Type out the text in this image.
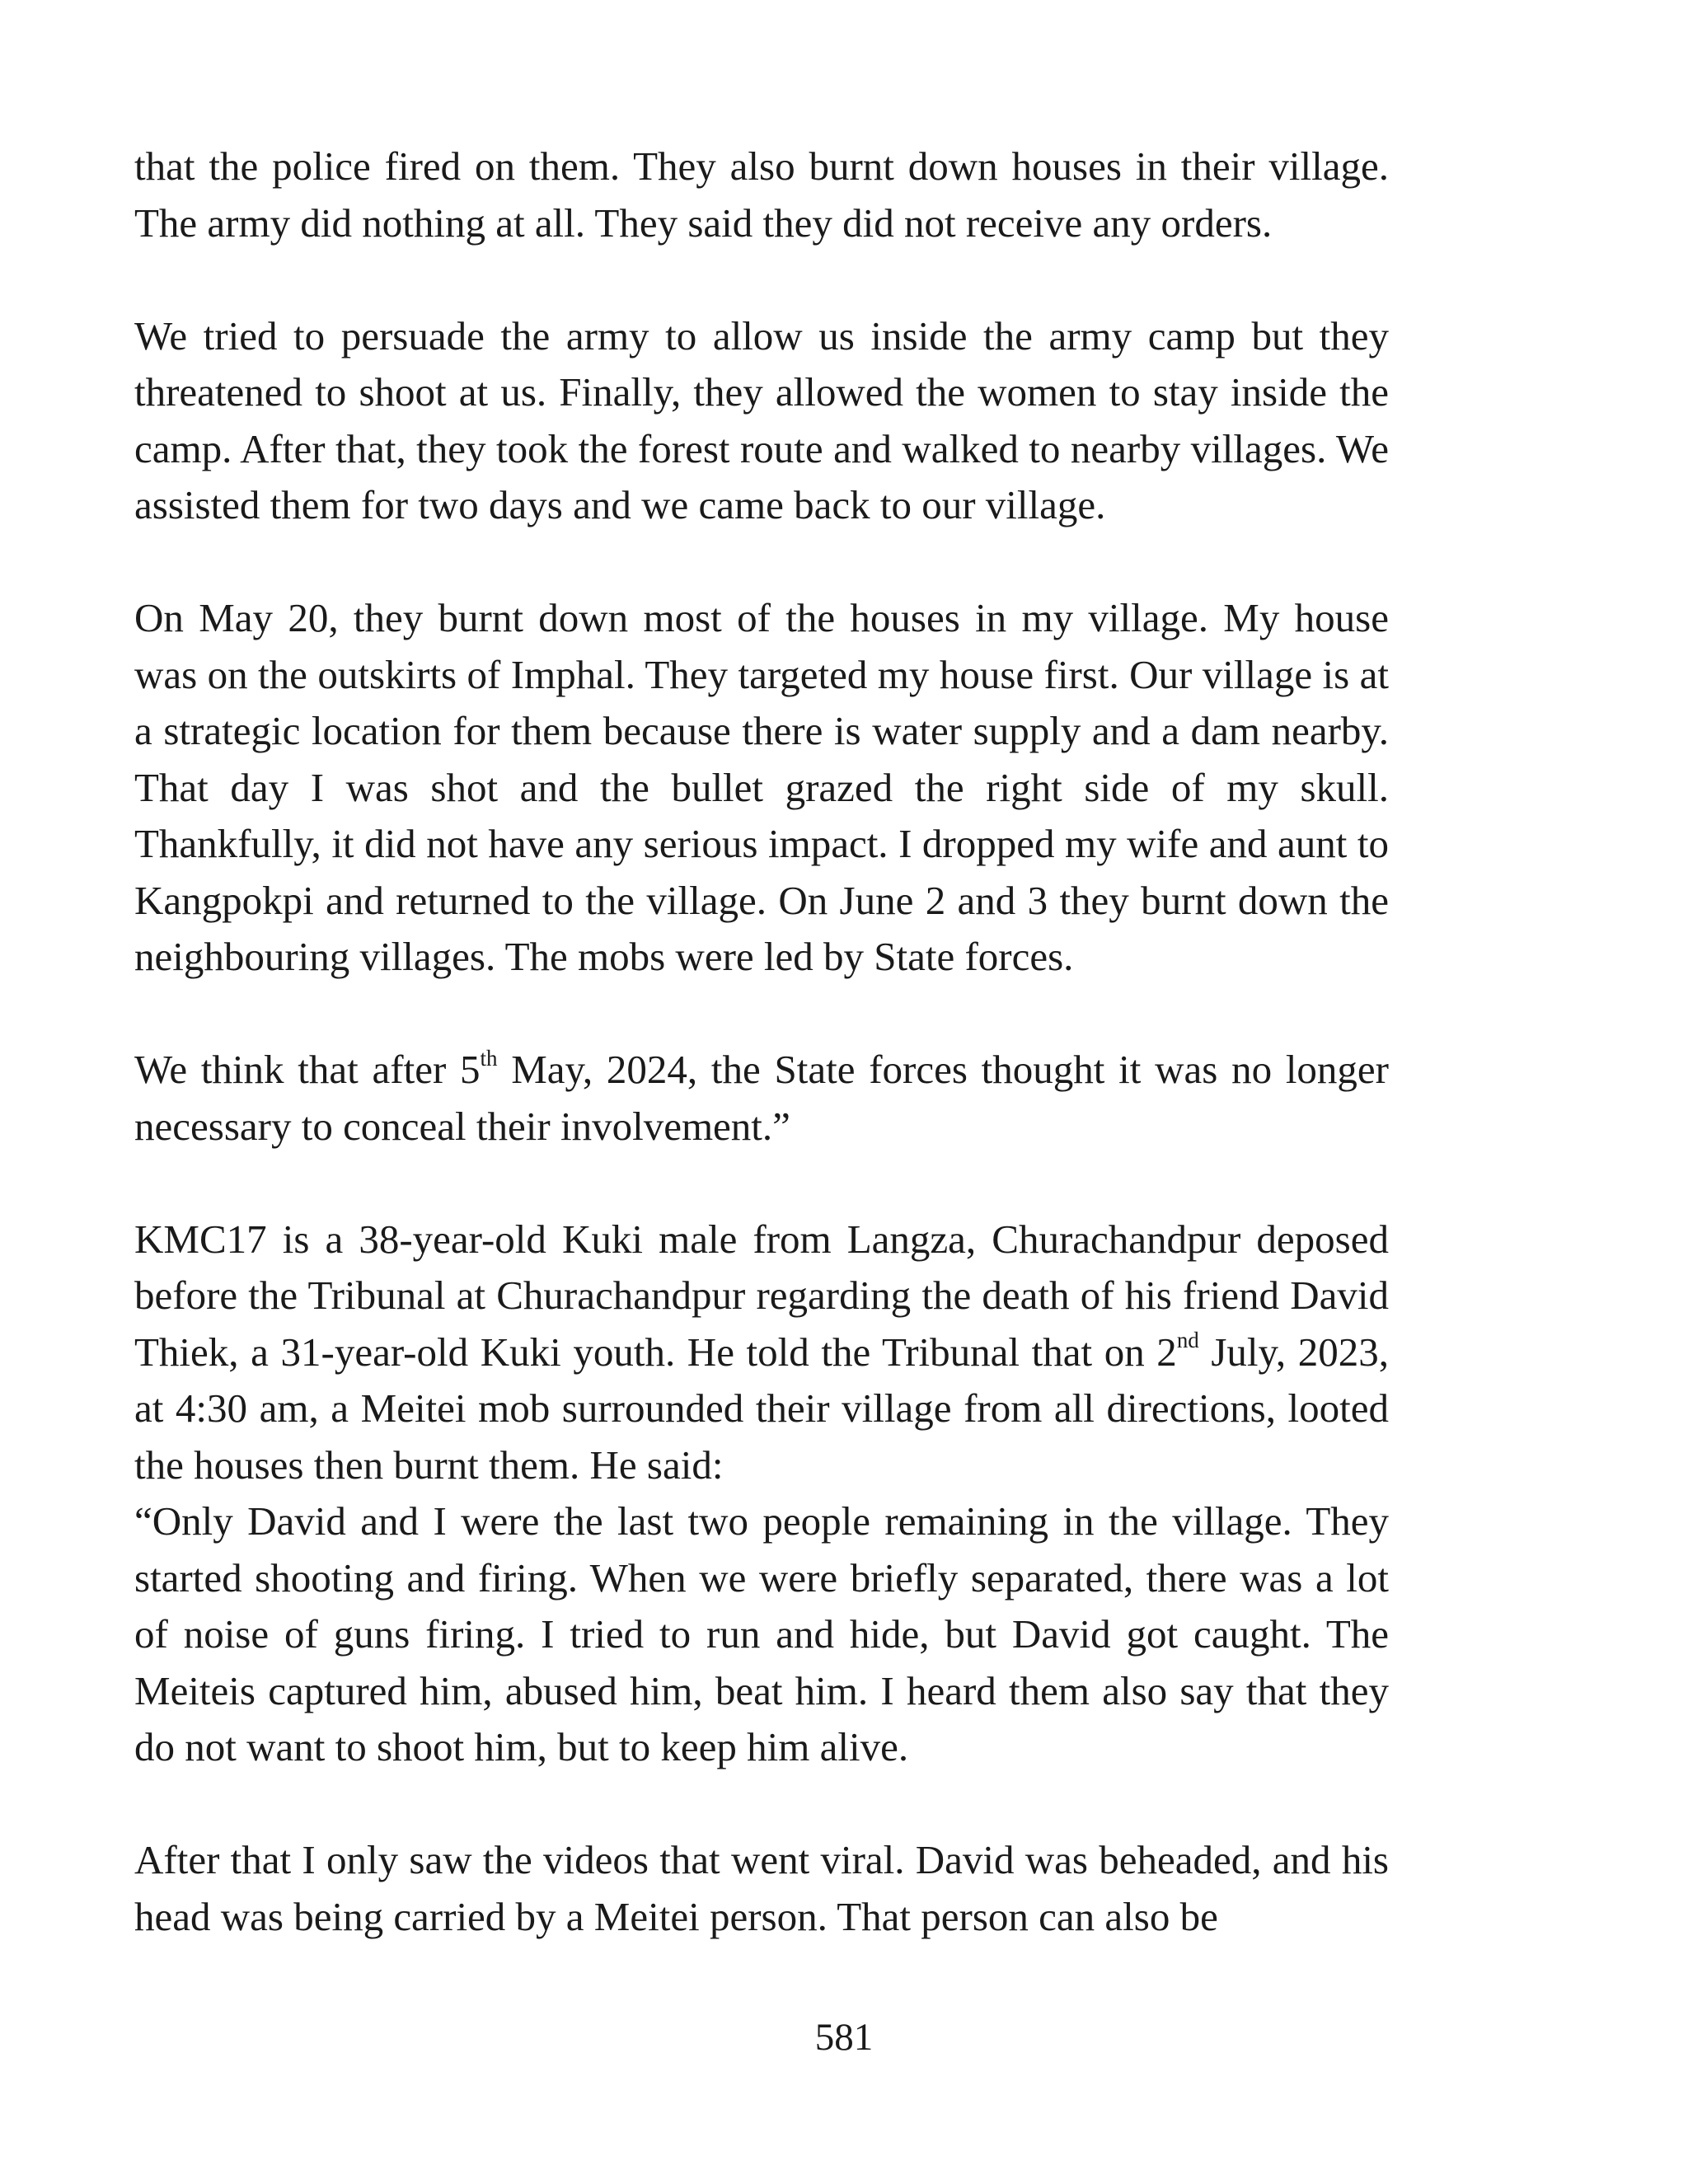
that the police fired on them. They also burnt down houses in their village. The army did nothing at all. They said they did not receive any orders.

We tried to persuade the army to allow us inside the army camp but they threatened to shoot at us. Finally, they allowed the women to stay inside the camp. After that, they took the forest route and walked to nearby villages. We assisted them for two days and we came back to our village.

On May 20, they burnt down most of the houses in my village. My house was on the outskirts of Imphal. They targeted my house first. Our village is at a strategic location for them because there is water supply and a dam nearby. That day I was shot and the bullet grazed the right side of my skull. Thankfully, it did not have any serious impact. I dropped my wife and aunt to Kangpokpi and returned to the village. On June 2 and 3 they burnt down the neighbouring villages. The mobs were led by State forces.

We think that after 5th May, 2024, the State forces thought it was no longer necessary to conceal their involvement.”

KMC17 is a 38-year-old Kuki male from Langza, Churachandpur deposed before the Tribunal at Churachandpur regarding the death of his friend David Thiek, a 31-year-old Kuki youth. He told the Tribunal that on 2nd July, 2023, at 4:30 am, a Meitei mob surrounded their village from all directions, looted the houses then burnt them. He said:

“Only David and I were the last two people remaining in the village. They started shooting and firing. When we were briefly separated, there was a lot of noise of guns firing. I tried to run and hide, but David got caught. The Meiteis captured him, abused him, beat him. I heard them also say that they do not want to shoot him, but to keep him alive.

After that I only saw the videos that went viral. David was beheaded, and his head was being carried by a Meitei person. That person can also be

581
